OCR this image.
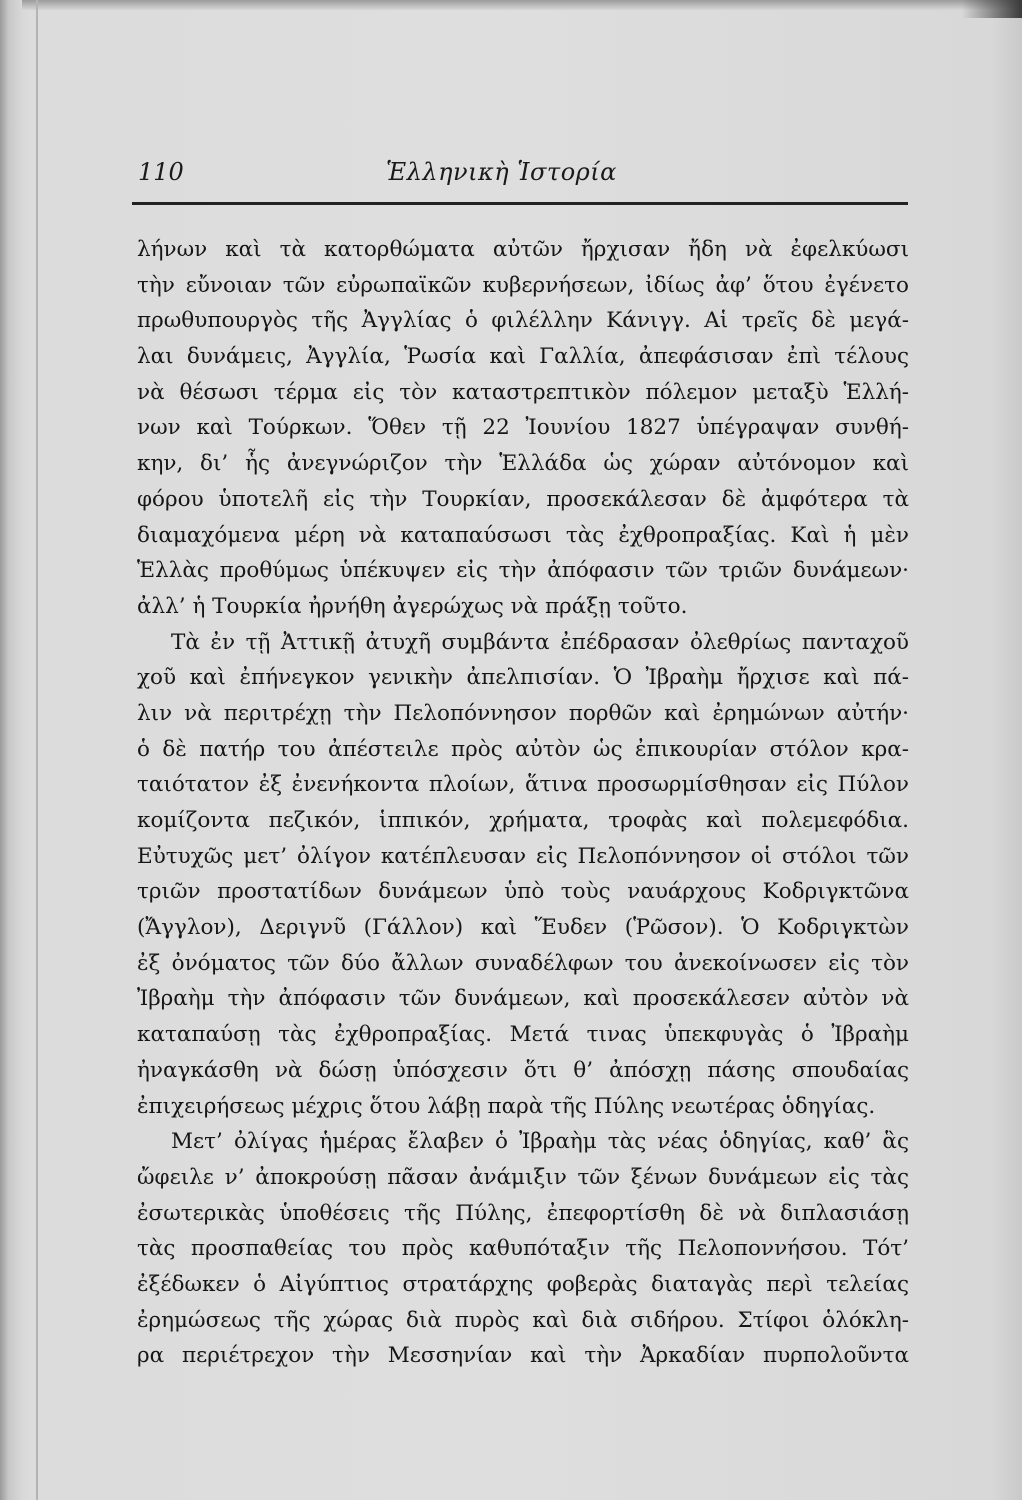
110	Ἑλληνικὴ Ἱστορία
λήνων καὶ τὰ κατορθώματα αὐτῶν ἤρχισαν ἤδη νὰ ἐφελκύωσι
τὴν εὔνοιαν τῶν εὐρωπαϊκῶν κυβερνήσεων, ἰδίως ἀφ’ ὅτου ἐγένετο
πρωθυπουργὸς τῆς Ἀγγλίας ὁ φιλέλλην Κάνιγγ. Αἱ τρεῖς δὲ μεγά-
λαι δυνάμεις, Ἀγγλία, Ῥωσία καὶ Γαλλία, ἀπεφάσισαν ἐπὶ τέλους
νὰ θέσωσι τέρμα εἰς τὸν καταστρεπτικὸν πόλεμον μεταξὺ Ἑλλή-
νων καὶ Τούρκων. Ὅθεν τῇ 22 Ἰουνίου 1827 ὑπέγραψαν συνθή-
κην, δι’ ἧς ἀνεγνώριζον τὴν Ἑλλάδα ὡς χώραν αὐτόνομον καὶ
φόρου ὑποτελῆ εἰς τὴν Τουρκίαν, προσεκάλεσαν δὲ ἀμφότερα τὰ
διαμαχόμενα μέρη νὰ καταπαύσωσι τὰς ἐχθροπραξίας. Καὶ ἡ μὲν
Ἑλλὰς προθύμως ὑπέκυψεν εἰς τὴν ἀπόφασιν τῶν τριῶν δυνάμεων·
ἀλλ’ ἡ Τουρκία ἠρνήθη ἀγερώχως νὰ πράξῃ τοῦτο.
Τὰ ἐν τῇ Ἀττικῇ ἀτυχῆ συμβάντα ἐπέδρασαν ὀλεθρίως πανταχοῦ
χοῦ καὶ ἐπήνεγκον γενικὴν ἀπελπισίαν. Ὁ Ἰβραὴμ ἤρχισε καὶ πά-
λιν νὰ περιτρέχῃ τὴν Πελοπόννησον πορθῶν καὶ ἐρημώνων αὐτήν·
ὁ δὲ πατήρ του ἀπέστειλε πρὸς αὐτὸν ὡς ἐπικουρίαν στόλον κρα-
ταιότατον ἐξ ἐνενήκοντα πλοίων, ἅτινα προσωρμίσθησαν εἰς Πύλον
κομίζοντα πεζικόν, ἱππικόν, χρήματα, τροφὰς καὶ πολεμεφόδια.
Εὐτυχῶς μετ’ ὀλίγον κατέπλευσαν εἰς Πελοπόννησον οἱ στόλοι τῶν
τριῶν προστατίδων δυνάμεων ὑπὸ τοὺς ναυάρχους Κοδριγκτῶνα
(Ἄγγλον), Δεριγνῦ (Γάλλον) καὶ Ἕυδεν (Ῥῶσον). Ὁ Κοδριγκτὼν
ἐξ ὀνόματος τῶν δύο ἄλλων συναδέλφων του ἀνεκοίνωσεν εἰς τὸν
Ἰβραὴμ τὴν ἀπόφασιν τῶν δυνάμεων, καὶ προσεκάλεσεν αὐτὸν νὰ
καταπαύσῃ τὰς ἐχθροπραξίας. Μετά τινας ὑπεκφυγὰς ὁ Ἰβραὴμ
ἠναγκάσθη νὰ δώσῃ ὑπόσχεσιν ὅτι θ’ ἀπόσχῃ πάσης σπουδαίας
ἐπιχειρήσεως μέχρις ὅτου λάβῃ παρὰ τῆς Πύλης νεωτέρας ὁδηγίας.
Μετ’ ὀλίγας ἡμέρας ἔλαβεν ὁ Ἰβραὴμ τὰς νέας ὁδηγίας, καθ’ ἃς
ὤφειλε ν’ ἀποκρούσῃ πᾶσαν ἀνάμιξιν τῶν ξένων δυνάμεων εἰς τὰς
ἐσωτερικὰς ὑποθέσεις τῆς Πύλης, ἐπεφορτίσθη δὲ νὰ διπλασιάσῃ
τὰς προσπαθείας του πρὸς καθυπόταξιν τῆς Πελοποννήσου. Τότ’
ἐξέδωκεν ὁ Αἰγύπτιος στρατάρχης φοβερὰς διαταγὰς περὶ τελείας
ἐρημώσεως τῆς χώρας διὰ πυρὸς καὶ διὰ σιδήρου. Στίφοι ὁλόκλη-
ρα περιέτρεχον τὴν Μεσσηνίαν καὶ τὴν Ἀρκαδίαν πυρπολοῦντα
